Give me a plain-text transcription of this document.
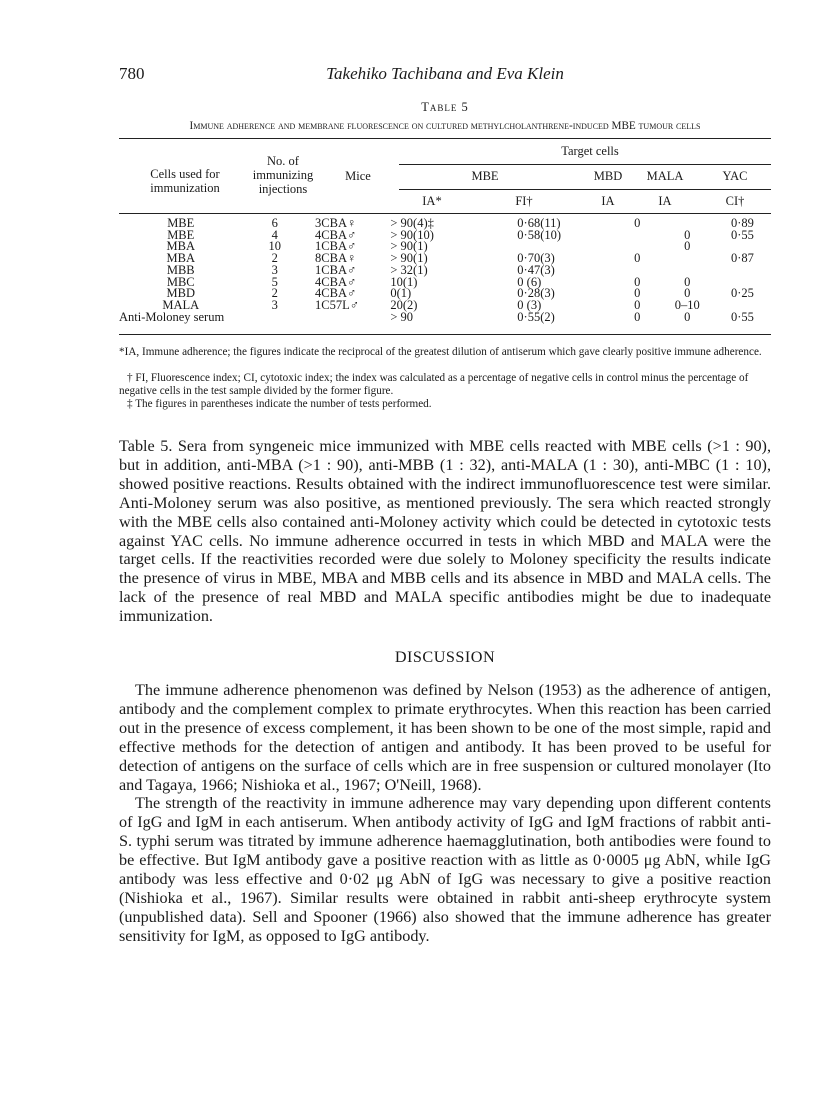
780	Takehiko Tachibana and Eva Klein
Table 5
Immune adherence and membrane fluorescence on cultured methylcholanthrene-induced MBE tumour cells
Cells used for immunization
No. of immunizing injections
Mice
Target cells
MBE	MBD	MALA	YAC
IA*	FI†	IA	IA	CI†
MBE	6	3CBA♀	> 90(4)‡	0·68(11)	0		0·89
MBE	4	4CBA♂	> 90(10)	0·58(10)		0	0·55
MBA	10	1CBA♂	> 90(1)			0	
MBA	2	8CBA♀	> 90(1)	0·70(3)	0		0·87
MBB	3	1CBA♂	> 32(1)	0·47(3)			
MBC	5	4CBA♂	10(1)	0 (6)	0	0	
MBD	2	4CBA♂	0(1)	0·28(3)	0	0	0·25
MALA	3	1C57L♂	20(2)	0 (3)	0	0–10	
Anti-Moloney serum			> 90	0·55(2)	0	0	0·55
*IA, Immune adherence; the figures indicate the reciprocal of the greatest dilution of antiserum which gave clearly positive immune adherence.
† FI, Fluorescence index; CI, cytotoxic index; the index was calculated as a percentage of negative cells in control minus the percentage of negative cells in the test sample divided by the former figure.
‡ The figures in parentheses indicate the number of tests performed.

Table 5. Sera from syngeneic mice immunized with MBE cells reacted with MBE cells (>1 : 90), but in addition, anti-MBA (>1 : 90), anti-MBB (1 : 32), anti-MALA (1 : 30), anti-MBC (1 : 10), showed positive reactions. Results obtained with the indirect immunofluorescence test were similar. Anti-Moloney serum was also positive, as mentioned previously. The sera which reacted strongly with the MBE cells also contained anti-Moloney activity which could be detected in cytotoxic tests against YAC cells. No immune adherence occurred in tests in which MBD and MALA were the target cells. If the reactivities recorded were due solely to Moloney specificity the results indicate the presence of virus in MBE, MBA and MBB cells and its absence in MBD and MALA cells. The lack of the presence of real MBD and MALA specific antibodies might be due to inadequate immunization.

DISCUSSION

The immune adherence phenomenon was defined by Nelson (1953) as the adherence of antigen, antibody and the complement complex to primate erythrocytes. When this reaction has been carried out in the presence of excess complement, it has been shown to be one of the most simple, rapid and effective methods for the detection of antigen and antibody. It has been proved to be useful for detection of antigens on the surface of cells which are in free suspension or cultured monolayer (Ito and Tagaya, 1966; Nishioka et al., 1967; O'Neill, 1968).

The strength of the reactivity in immune adherence may vary depending upon different contents of IgG and IgM in each antiserum. When antibody activity of IgG and IgM fractions of rabbit anti-S. typhi serum was titrated by immune adherence haemagglutination, both antibodies were found to be effective. But IgM antibody gave a positive reaction with as little as 0·0005 μg AbN, while IgG antibody was less effective and 0·02 μg AbN of IgG was necessary to give a positive reaction (Nishioka et al., 1967). Similar results were obtained in rabbit anti-sheep erythrocyte system (unpublished data). Sell and Spooner (1966) also showed that the immune adherence has greater sensitivity for IgM, as opposed to IgG antibody.
